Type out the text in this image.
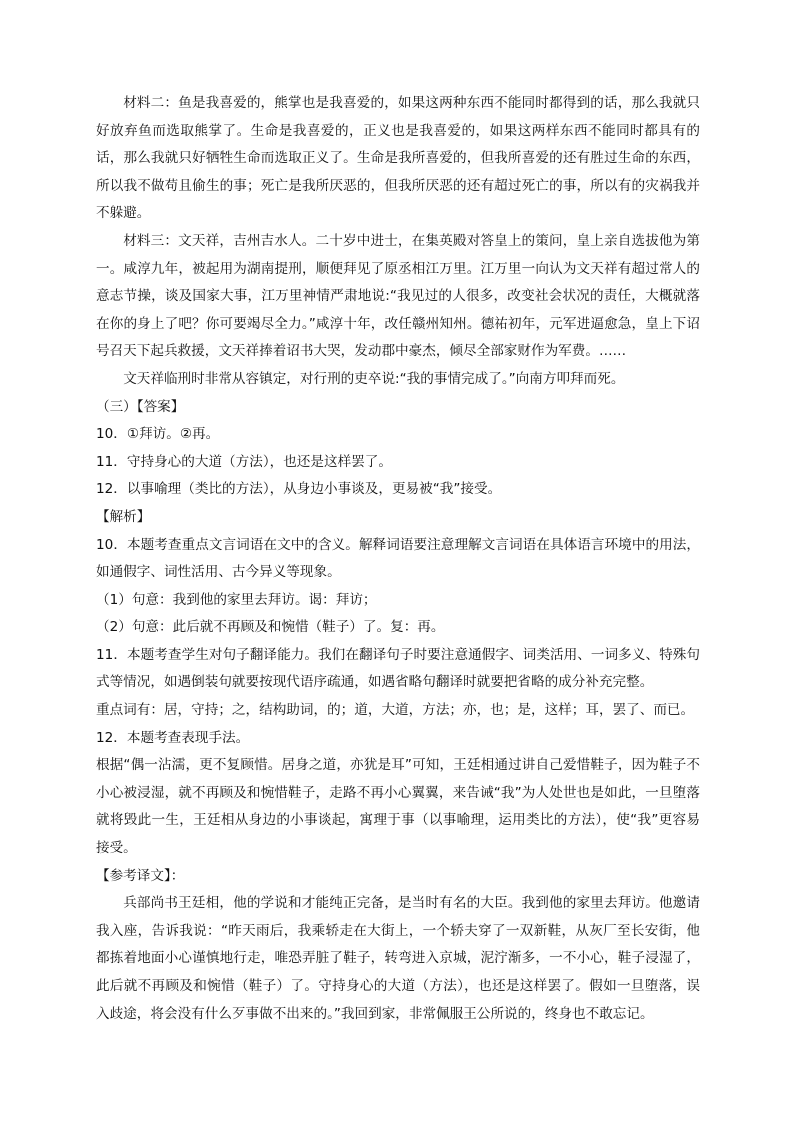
材料二：鱼是我喜爱的，熊掌也是我喜爱的，如果这两种东西不能同时都得到的话，那么我就只好放弃鱼而选取熊掌了。生命是我喜爱的，正义也是我喜爱的，如果这两样东西不能同时都具有的话，那么我就只好牺牲生命而选取正义了。生命是我所喜爱的，但我所喜爱的还有胜过生命的东西，所以我不做苟且偷生的事；死亡是我所厌恶的，但我所厌恶的还有超过死亡的事，所以有的灾祸我并不躲避。

材料三：文天祥，吉州吉水人。二十岁中进士，在集英殿对答皇上的策问，皇上亲自选拔他为第一。咸淳九年，被起用为湖南提刑，顺便拜见了原丞相江万里。江万里一向认为文天祥有超过常人的意志节操，谈及国家大事，江万里神情严肃地说:“我见过的人很多，改变社会状况的责任，大概就落在你的身上了吧？你可要竭尽全力。”咸淳十年，改任赣州知州。德祐初年，元军进逼愈急，皇上下诏号召天下起兵救援，文天祥捧着诏书大哭，发动郡中豪杰，倾尽全部家财作为军费。……

文天祥临刑时非常从容镇定，对行刑的吏卒说:“我的事情完成了。”向南方叩拜而死。

（三）【答案】

10．①拜访。②再。

11．守持身心的大道（方法），也还是这样罢了。

12．以事喻理（类比的方法），从身边小事谈及，更易被“我”接受。

【解析】

10．本题考查重点文言词语在文中的含义。解释词语要注意理解文言词语在具体语言环境中的用法，如通假字、词性活用、古今异义等现象。

（1）句意：我到他的家里去拜访。谒：拜访；

（2）句意：此后就不再顾及和惋惜（鞋子）了。复：再。

11．本题考查学生对句子翻译能力。我们在翻译句子时要注意通假字、词类活用、一词多义、特殊句式等情况，如遇倒装句就要按现代语序疏通，如遇省略句翻译时就要把省略的成分补充完整。

重点词有：居，守持；之，结构助词，的；道，大道，方法；亦，也；是，这样；耳，罢了、而已。

12．本题考查表现手法。

根据“偶一沾濡，更不复顾惜。居身之道，亦犹是耳”可知，王廷相通过讲自己爱惜鞋子，因为鞋子不小心被浸湿，就不再顾及和惋惜鞋子，走路不再小心翼翼，来告诫“我”为人处世也是如此，一旦堕落就将毁此一生，王廷相从身边的小事谈起，寓理于事（以事喻理，运用类比的方法），使“我”更容易接受。

【参考译文】：

兵部尚书王廷相，他的学说和才能纯正完备，是当时有名的大臣。我到他的家里去拜访。他邀请我入座，告诉我说：“昨天雨后，我乘轿走在大街上，一个轿夫穿了一双新鞋，从灰厂至长安街，他都拣着地面小心谨慎地行走，唯恐弄脏了鞋子，转弯进入京城，泥泞渐多，一不小心，鞋子浸湿了，此后就不再顾及和惋惜（鞋子）了。守持身心的大道（方法），也还是这样罢了。假如一旦堕落，误入歧途，将会没有什么歹事做不出来的。”我回到家，非常佩服王公所说的，终身也不敢忘记。
